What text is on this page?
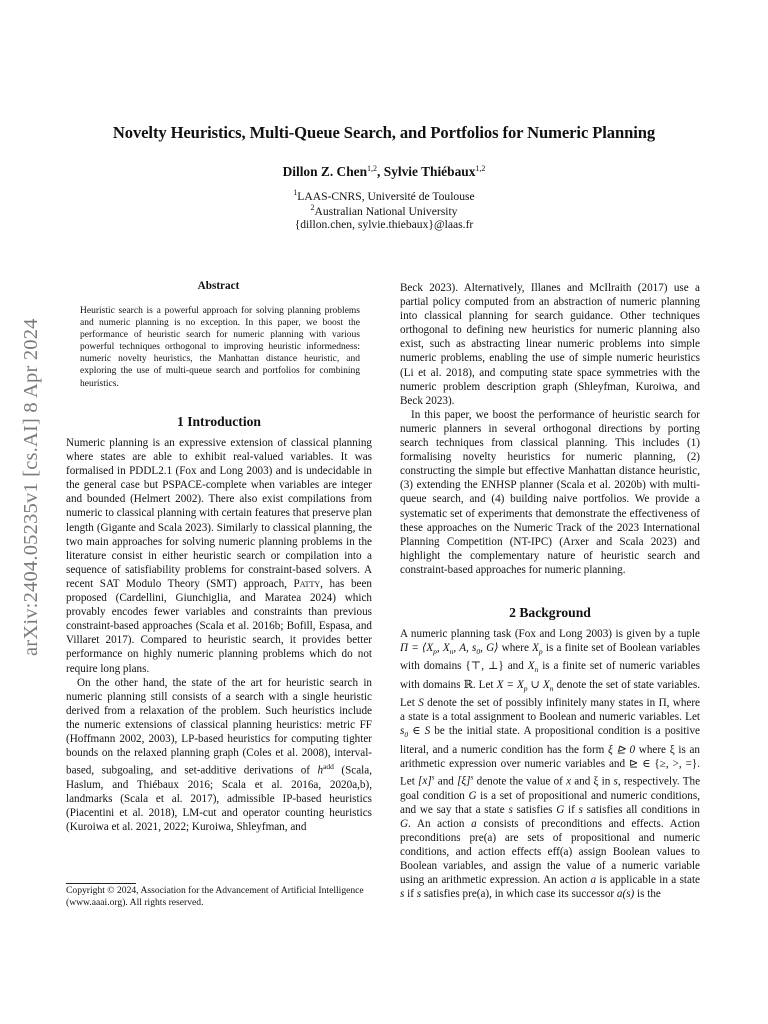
arXiv:2404.05235v1 [cs.AI] 8 Apr 2024
Novelty Heuristics, Multi-Queue Search, and Portfolios for Numeric Planning
Dillon Z. Chen$^{1,2}$, Sylvie Thiébaux$^{1,2}$
$^1$LAAS-CNRS, Université de Toulouse
$^2$Australian National University
{dillon.chen, sylvie.thiebaux}@laas.fr
Abstract
Heuristic search is a powerful approach for solving planning problems and numeric planning is no exception. In this paper, we boost the performance of heuristic search for numeric planning with various powerful techniques orthogonal to improving heuristic informedness: numeric novelty heuristics, the Manhattan distance heuristic, and exploring the use of multi-queue search and portfolios for combining heuristics.
1 Introduction

Numeric planning is an expressive extension of classical planning where states are able to exhibit real-valued variables. It was formalised in PDDL2.1 (Fox and Long 2003) and is undecidable in the general case but PSPACE-complete when variables are integer and bounded (Helmert 2002). There also exist compilations from numeric to classical planning with certain features that preserve plan length (Gigante and Scala 2023). Similarly to classical planning, the two main approaches for solving numeric planning problems in the literature consist in either heuristic search or compilation into a sequence of satisfiability problems for constraint-based solvers. A recent SAT Modulo Theory (SMT) approach, Patty, has been proposed (Cardellini, Giunchiglia, and Maratea 2024) which provably encodes fewer variables and constraints than previous constraint-based approaches (Scala et al. 2016b; Bofill, Espasa, and Villaret 2017). Compared to heuristic search, it provides better performance on highly numeric planning problems which do not require long plans.

On the other hand, the state of the art for heuristic search in numeric planning still consists of a search with a single heuristic derived from a relaxation of the problem. Such heuristics include the numeric extensions of classical planning heuristics: metric FF (Hoffmann 2002, 2003), LP-based heuristics for computing tighter bounds on the relaxed planning graph (Coles et al. 2008), interval-based, subgoaling, and set-additive derivations of $h^{add}$ (Scala, Haslum, and Thiébaux 2016; Scala et al. 2016a, 2020a,b), landmarks (Scala et al. 2017), admissible IP-based heuristics (Piacentini et al. 2018), LM-cut and operator counting heuristics (Kuroiwa et al. 2021, 2022; Kuroiwa, Shleyfman, and

Copyright © 2024, Association for the Advancement of Artificial Intelligence (www.aaai.org). All rights reserved.

Beck 2023). Alternatively, Illanes and McIlraith (2017) use a partial policy computed from an abstraction of numeric planning into classical planning for search guidance. Other techniques orthogonal to defining new heuristics for numeric planning also exist, such as abstracting linear numeric problems into simple numeric problems, enabling the use of simple numeric heuristics (Li et al. 2018), and computing state space symmetries with the numeric problem description graph (Shleyfman, Kuroiwa, and Beck 2023).

In this paper, we boost the performance of heuristic search for numeric planners in several orthogonal directions by porting search techniques from classical planning. This includes (1) formalising novelty heuristics for numeric planning, (2) constructing the simple but effective Manhattan distance heuristic, (3) extending the ENHSP planner (Scala et al. 2020b) with multi-queue search, and (4) building naive portfolios. We provide a systematic set of experiments that demonstrate the effectiveness of these approaches on the Numeric Track of the 2023 International Planning Competition (NT-IPC) (Arxer and Scala 2023) and highlight the complementary nature of heuristic search and constraint-based approaches for numeric planning.

2 Background

A numeric planning task (Fox and Long 2003) is given by a tuple $\Pi = ⟨X_p$, $X_n$, A, $s_0$, G⟩ where $X_p$ is a finite set of Boolean variables with domains {⊤, ⊥} and $X_n$ is a finite set of numeric variables with domains ℝ. Let $X = X_p$ ∪ $X_n$ denote the set of state variables. Let S denote the set of possibly infinitely many states in Π, where a state is a total assignment to Boolean and numeric variables. Let $s_0$ ∈ S be the initial state. A propositional condition is a positive literal, and a numeric condition has the form ξ ⊵ 0 where ξ is an arithmetic expression over numeric variables and ⊵ ∈ {≥, >, =}. Let $[x]^s$ and $[\xi]^s$ denote the value of x and ξ in s, respectively. The goal condition G is a set of propositional and numeric conditions, and we say that a state s satisfies G if s satisfies all conditions in G. An action a consists of preconditions and effects. Action preconditions pre(a) are sets of propositional and numeric conditions, and action effects eff(a) assign Boolean values to Boolean variables, and assign the value of a numeric variable using an arithmetic expression. An action a is applicable in a state s if s satisfies pre(a), in which case its successor a(s) is the
